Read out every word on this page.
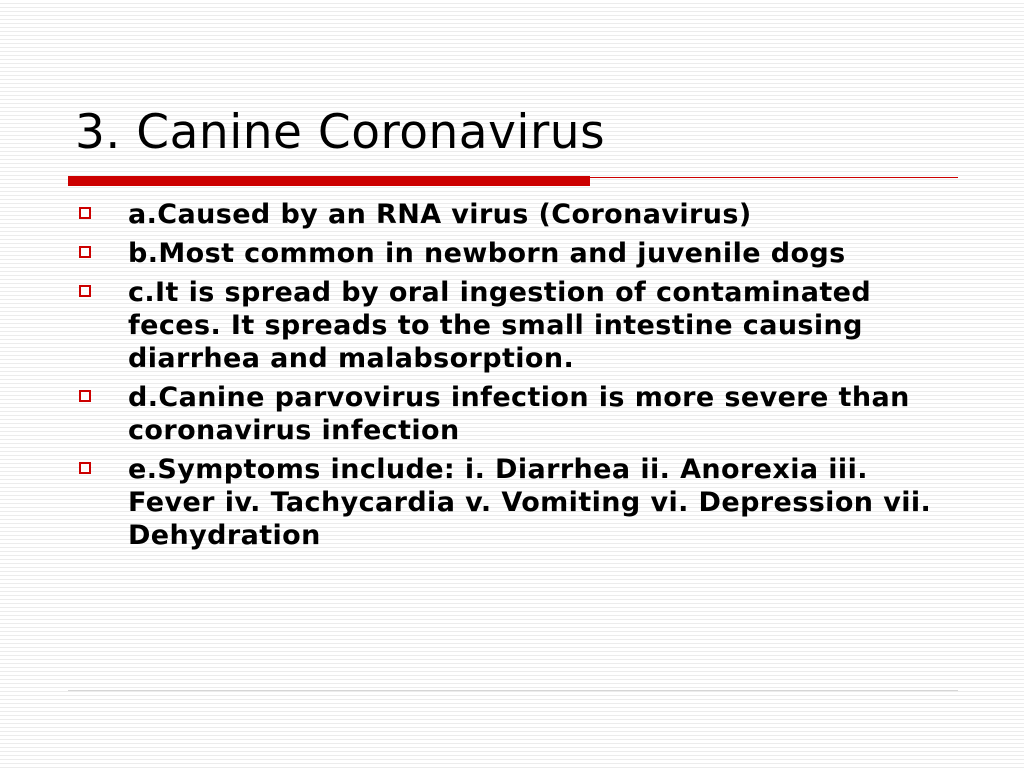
3. Canine Coronavirus
a.Caused by an RNA virus (Coronavirus)
b.Most common in newborn and juvenile dogs
c.It is spread by oral ingestion of contaminated feces. It spreads to the small intestine causing diarrhea and malabsorption.
d.Canine parvovirus infection is more severe than coronavirus infection
e.Symptoms include: i. Diarrhea ii. Anorexia iii. Fever iv. Tachycardia v. Vomiting vi. Depression vii. Dehydration
